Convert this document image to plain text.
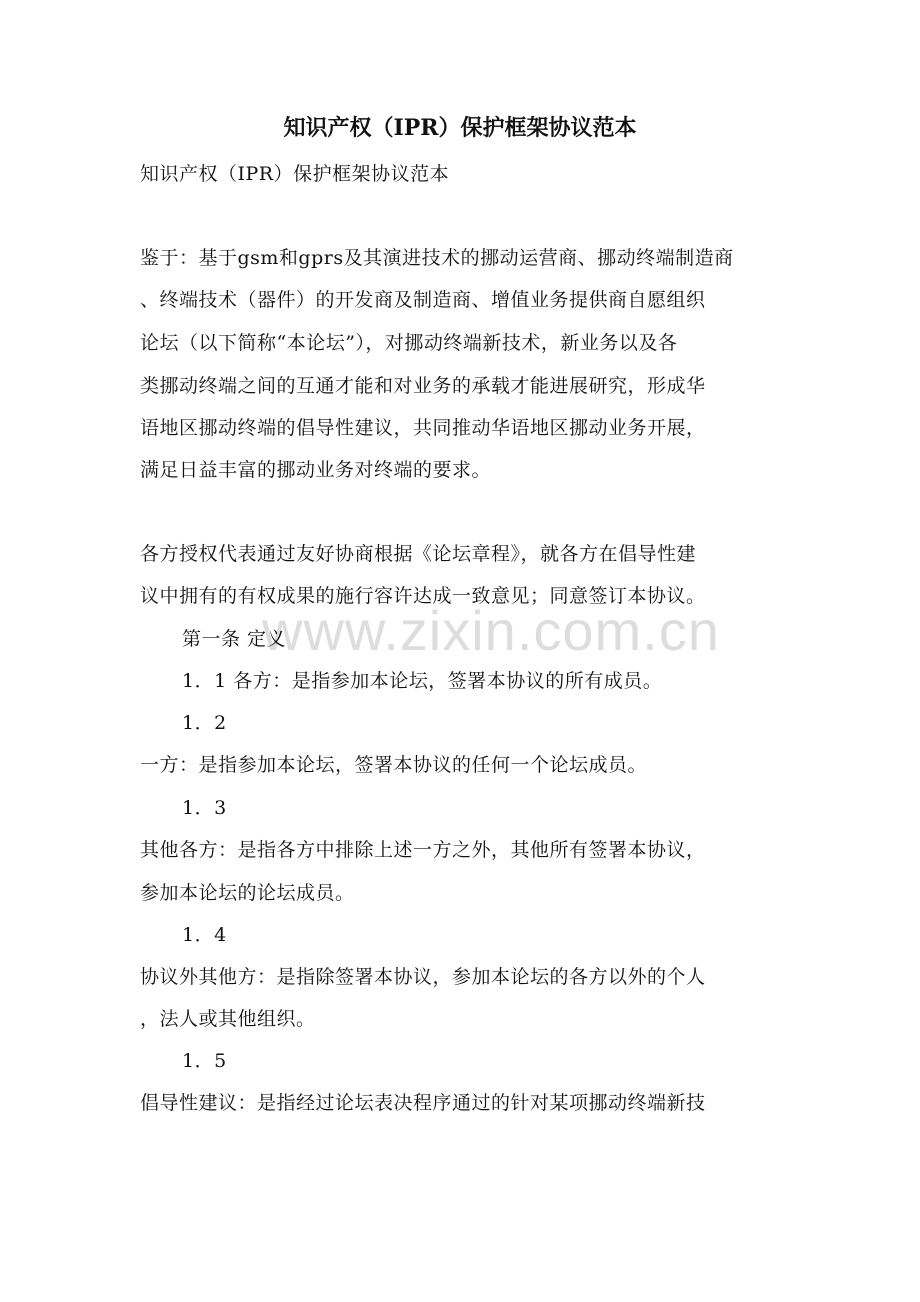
www.zixin.com.cn
知识产权（IPR）保护框架协议范本

知识产权（IPR）保护框架协议范本

鉴于：基于gsm和gprs及其演进技术的挪动运营商、挪动终端制造商

、终端技术（器件）的开发商及制造商、增值业务提供商自愿组织

论坛（以下简称“本论坛”），对挪动终端新技术，新业务以及各

类挪动终端之间的互通才能和对业务的承载才能进展研究，形成华

语地区挪动终端的倡导性建议，共同推动华语地区挪动业务开展，

满足日益丰富的挪动业务对终端的要求。

各方授权代表通过友好协商根据《论坛章程》，就各方在倡导性建

议中拥有的有权成果的施行容许达成一致意见；同意签订本协议。

第一条 定义

1．1 各方：是指参加本论坛，签署本协议的所有成员。

1．2

一方：是指参加本论坛，签署本协议的任何一个论坛成员。

1．3

其他各方：是指各方中排除上述一方之外，其他所有签署本协议，

参加本论坛的论坛成员。

1．4

协议外其他方：是指除签署本协议，参加本论坛的各方以外的个人

，法人或其他组织。

1．5

倡导性建议：是指经过论坛表决程序通过的针对某项挪动终端新技
